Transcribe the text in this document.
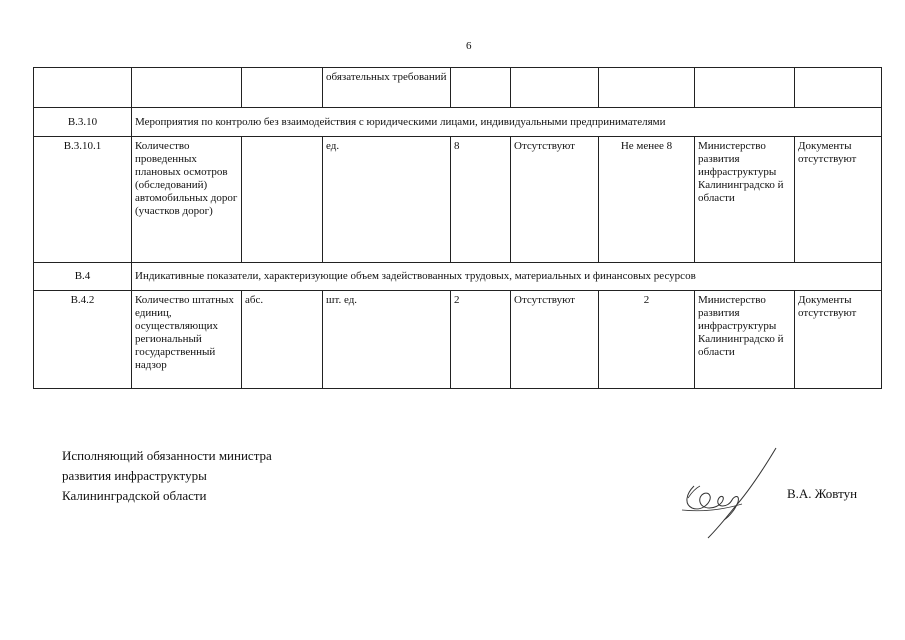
6
			обязательных требований					
В.3.10	Мероприятия по контролю без взаимодействия с юридическими лицами, индивидуальными предпринимателями							
В.3.10.1	Количество проведенных плановых осмотров (обследований) автомобильных дорог (участков дорог)		ед.	8	Отсутствуют	Не менее 8	Министерство развития инфраструктуры Калининградско й области	Документы отсутствуют
В.4	Индикативные показатели, характеризующие объем задействованных трудовых, материальных и финансовых ресурсов							
В.4.2	Количество штатных единиц, осуществляющих региональный государственный надзор	абс.	шт. ед.	2	Отсутствуют	2	Министерство развития инфраструктуры Калининградско й области	Документы отсутствуют
Исполняющий обязанности министра
развития инфраструктуры
Калининградской области	В.А. Жовтун
